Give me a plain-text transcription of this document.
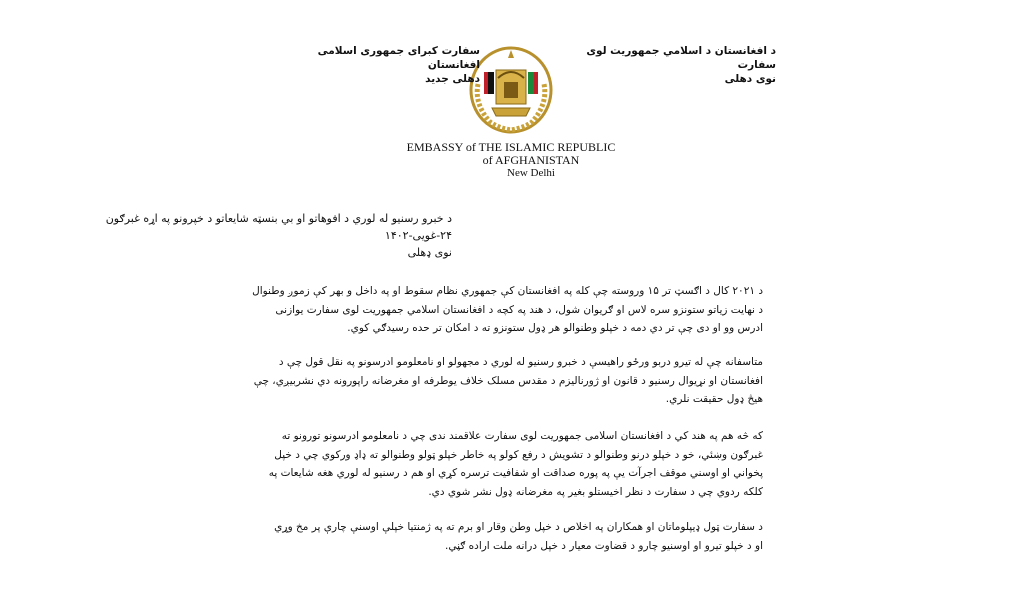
د افغانستان د اسلامي جمهوریت لوی سفارت
نوی دهلی
سفارت کبرای جمهوری اسلامی افغانستان
دهلی جدید
EMBASSY of THE ISLAMIC REPUBLIC
of AFGHANISTAN
New Delhi
د خبرو رسنیو له لوري د افوهاتو او بي بنسټه شایعاتو د خپرونو په اړه غبرګون
۲۴-غویی-۱۴۰۲
نوی ډهلی
د ۲۰۲۱ کال د اګسټ تر ۱۵ وروسته چې کله په افغانستان کې جمهوري نظام سقوط او په داخل و بهر کې زموږ وطنوال
د نهایت زیاتو ستونزو سره لاس او ګریوان شول، د هند په کچه د افغانستان اسلامي جمهوریت لوی سفارت یوازنی
ادرس وو او دی چې تر دي دمه د خپلو وطنوالو هر ډول ستونزو ته د امکان تر حده رسیدګي کوي.
متاسفانه چې له تیرو دربو ورځو راهیسې د خبرو رسنیو له لوري د مجهولو او نامعلومو ادرسونو په نقل قول چې د
افغانستان او نړیوال رسنیو د قانون او ژورنالیزم د مقدس مسلک خلاف یوطرفه او مغرضانه راپورونه دي نشربیږي، چې
هیڅ ډول حقیقت نلري.
که څه هم په هند کي د افغانستان اسلامی جمهوریت لوی سفارت علاقمند ندی چي د نامعلومو ادرسونو تورونو ته
غبرګون وښئي، خو د خپلو درنو وطنوالو د تشویش د رفع کولو په خاطر خپلو ټولو وطنوالو ته ډاډ ورکوي چي د خپل
پخواني او اوسني موقف اجرآت یې په پوره صداقت او شفافیت ترسره کړي او هم د رسنیو له لوري هغه شایعات په
کلکه ردوي چي د سفارت د نظر اخیستلو بغیر په مغرضانه ډول نشر شوي دي.
د سفارت ټول ډیپلوماتان او همکاران په اخلاص د خپل وطن وقار او برم ته په ژمنتیا خپلې اوسنې چارې پر مخ وړي
او د خپلو تیرو او اوسنیو چارو د قضاوت معیار د خپل درانه ملت اراده ګڼي.
